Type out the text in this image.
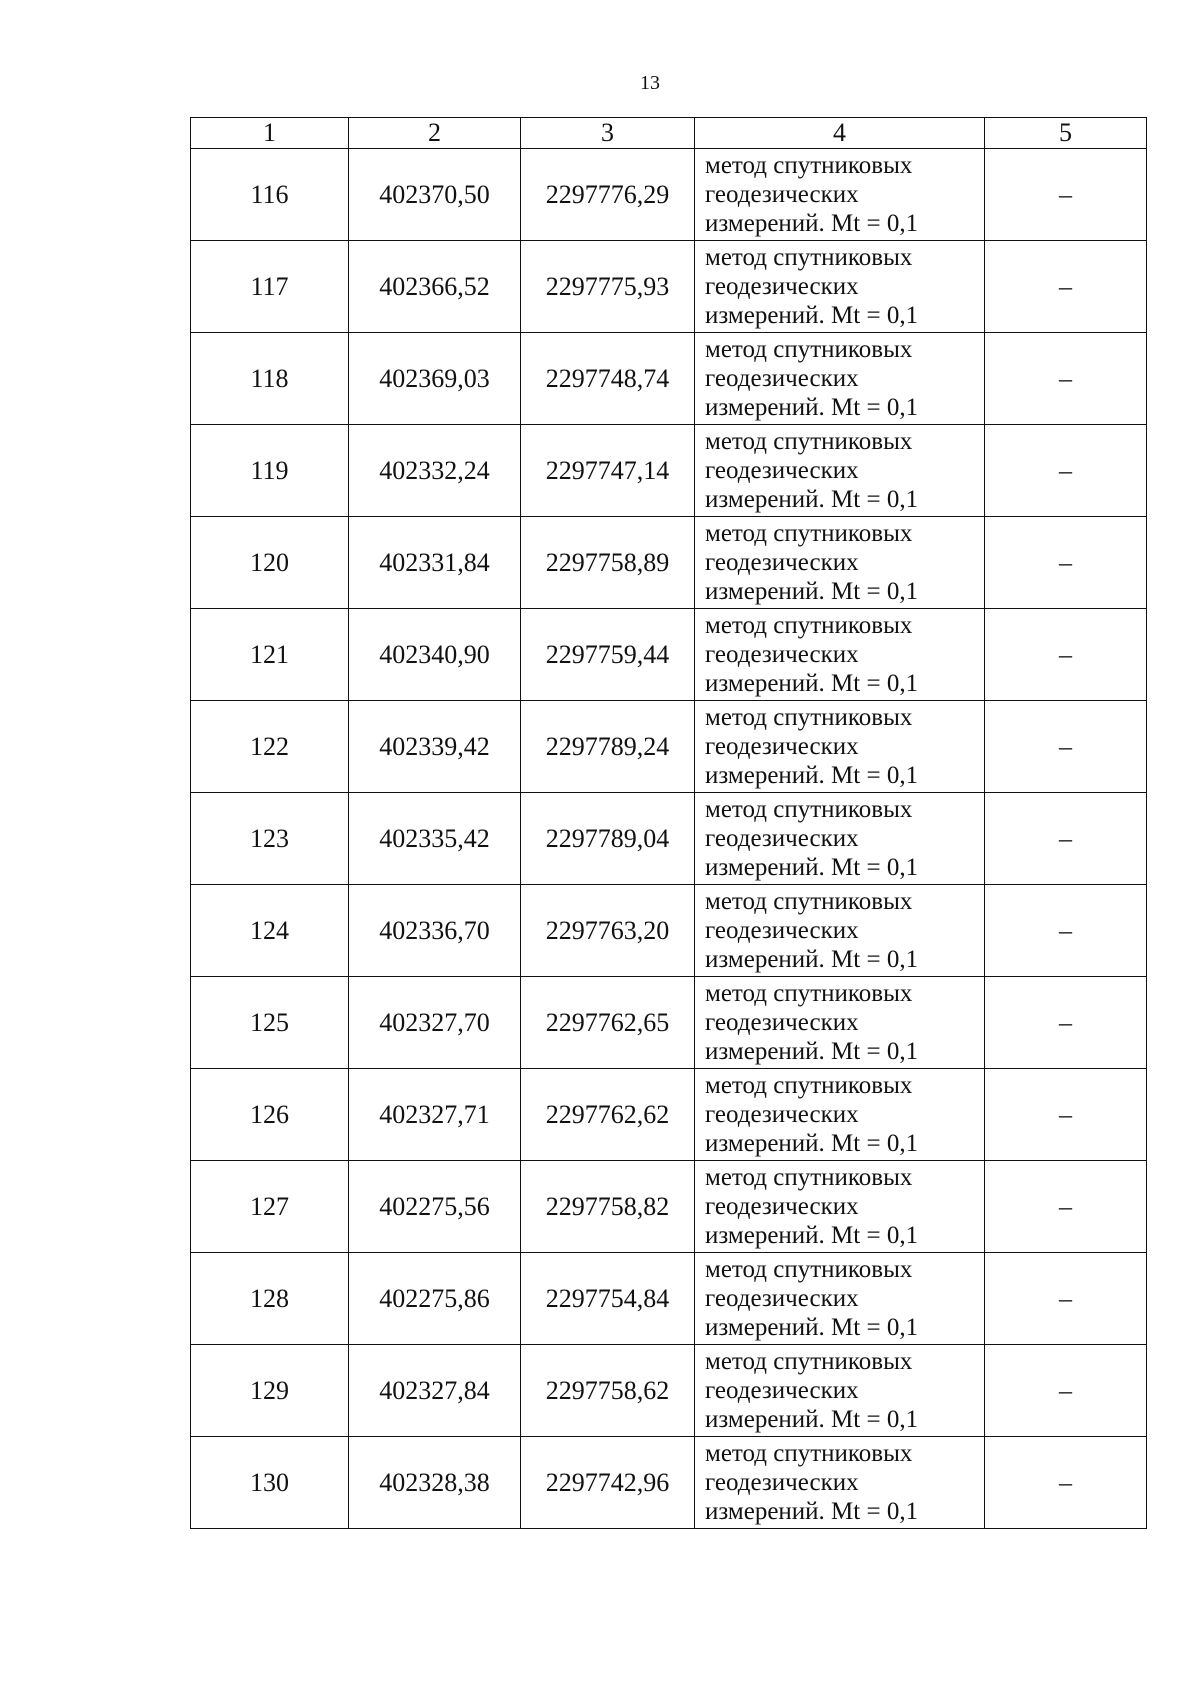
13
1	2	3	4	5
116	402370,50	2297776,29	метод спутниковых
геодезических
измерений. Mt = 0,1	–
117	402366,52	2297775,93	метод спутниковых
геодезических
измерений. Mt = 0,1	–
118	402369,03	2297748,74	метод спутниковых
геодезических
измерений. Mt = 0,1	–
119	402332,24	2297747,14	метод спутниковых
геодезических
измерений. Mt = 0,1	–
120	402331,84	2297758,89	метод спутниковых
геодезических
измерений. Mt = 0,1	–
121	402340,90	2297759,44	метод спутниковых
геодезических
измерений. Mt = 0,1	–
122	402339,42	2297789,24	метод спутниковых
геодезических
измерений. Mt = 0,1	–
123	402335,42	2297789,04	метод спутниковых
геодезических
измерений. Mt = 0,1	–
124	402336,70	2297763,20	метод спутниковых
геодезических
измерений. Mt = 0,1	–
125	402327,70	2297762,65	метод спутниковых
геодезических
измерений. Mt = 0,1	–
126	402327,71	2297762,62	метод спутниковых
геодезических
измерений. Mt = 0,1	–
127	402275,56	2297758,82	метод спутниковых
геодезических
измерений. Mt = 0,1	–
128	402275,86	2297754,84	метод спутниковых
геодезических
измерений. Mt = 0,1	–
129	402327,84	2297758,62	метод спутниковых
геодезических
измерений. Mt = 0,1	–
130	402328,38	2297742,96	метод спутниковых
геодезических
измерений. Mt = 0,1	–
